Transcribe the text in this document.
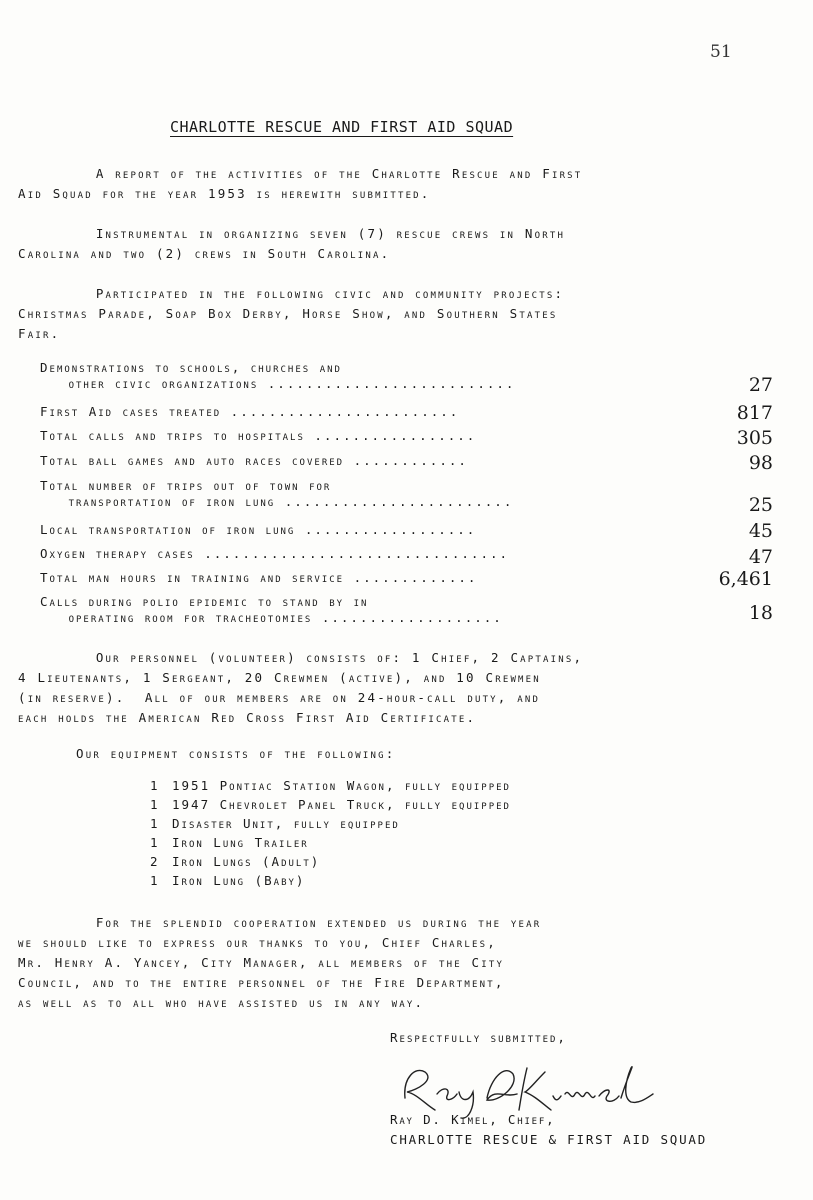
51
CHARLOTTE RESCUE AND FIRST AID SQUAD
A report of the activities of the Charlotte Rescue and First
Aid Squad for the year 1953 is herewith submitted.
Instrumental in organizing seven (7) rescue crews in North
Carolina and two (2) crews in South Carolina.
Participated in the following civic and community projects:
Christmas Parade, Soap Box Derby, Horse Show, and Southern States
Fair.
Demonstrations to schools, churches and
other civic organizations ..........................	27
First Aid cases treated ........................	817
Total calls and trips to hospitals .................	305
Total ball games and auto races covered ............	98
Total number of trips out of town for
transportation of iron lung ........................	25
Local transportation of iron lung ..................	45
Oxygen therapy cases ................................	47
Total man hours in training and service .............	6,461
Calls during polio epidemic to stand by in
operating room for tracheotomies ...................	18
Our personnel (volunteer) consists of: 1 Chief, 2 Captains,
4 Lieutenants, 1 Sergeant, 20 Crewmen (active), and 10 Crewmen
(in reserve).  All of our members are on 24-hour-call duty, and
each holds the American Red Cross First Aid Certificate.
Our equipment consists of the following:
1 1951 Pontiac Station Wagon, fully equipped
1 1947 Chevrolet Panel Truck, fully equipped
1 Disaster Unit, fully equipped
1 Iron Lung Trailer
2 Iron Lungs (Adult)
1 Iron Lung (Baby)
For the splendid cooperation extended us during the year
we should like to express our thanks to you, Chief Charles,
Mr. Henry A. Yancey, City Manager, all members of the City
Council, and to the entire personnel of the Fire Department,
as well as to all who have assisted us in any way.
Respectfully submitted,
Ray D. Kimel, Chief,
CHARLOTTE RESCUE & FIRST AID SQUAD
